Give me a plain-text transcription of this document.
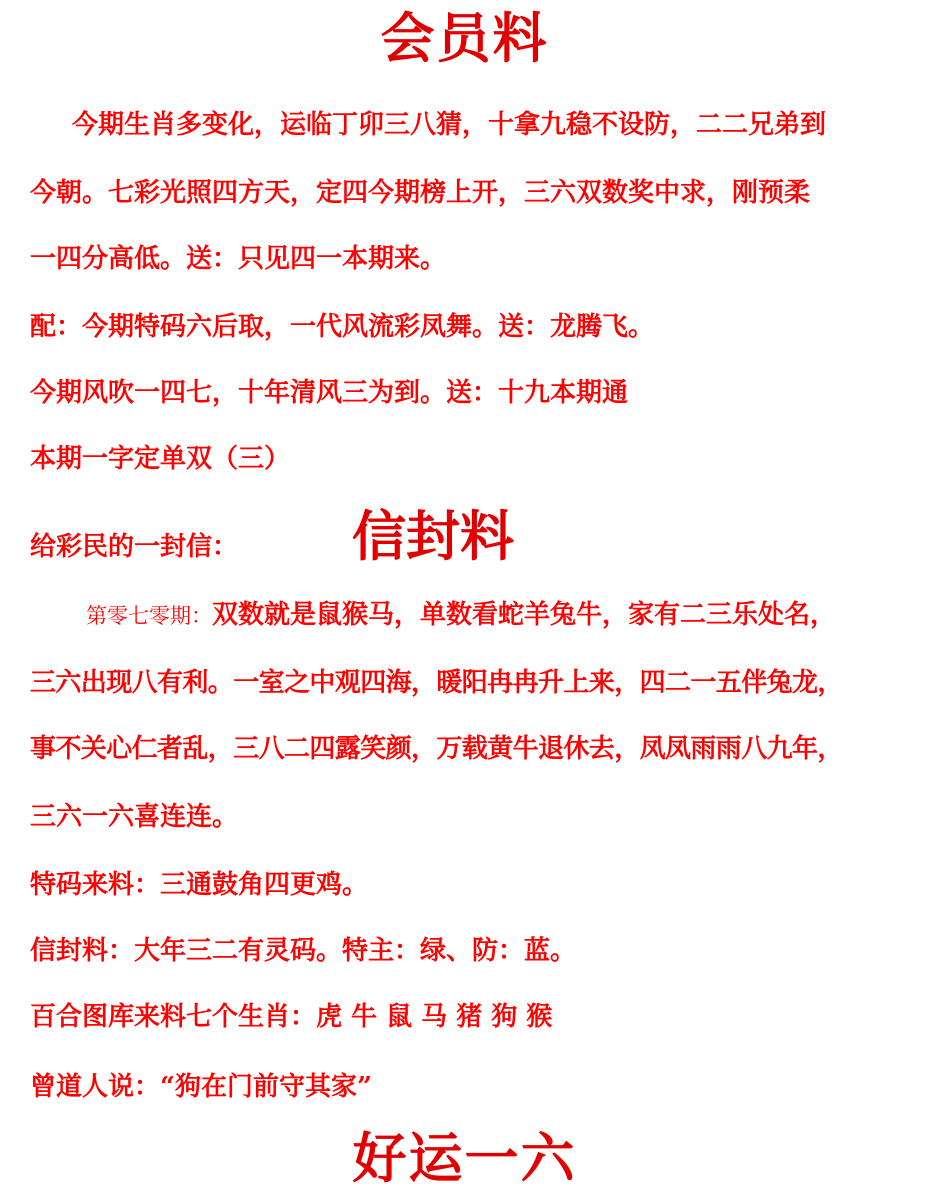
会员料
今期生肖多变化，运临丁卯三八猜，十拿九稳不设防，二二兄弟到
今朝。七彩光照四方天，定四今期榜上开，三六双数奖中求，刚预柔
一四分高低。送：只见四一本期来。
配：今期特码六后取，一代风流彩凤舞。送：龙腾飞。
今期风吹一四七，十年清风三为到。送：十九本期通
本期一字定单双（三）
给彩民的一封信： 信封料
第零七零期：双数就是鼠猴马，单数看蛇羊兔牛，家有二三乐处名，
三六出现八有利。一室之中观四海，暖阳冉冉升上来，四二一五伴兔龙，
事不关心仁者乱，三八二四露笑颜，万载黄牛退休去，凤凤雨雨八九年，
三六一六喜连连。
特码来料：三通鼓角四更鸡。
信封料：大年三二有灵码。特主：绿、防：蓝。
百合图库来料七个生肖：虎 牛 鼠 马 猪 狗 猴
曾道人说：“狗在门前守其家”
好运一六
